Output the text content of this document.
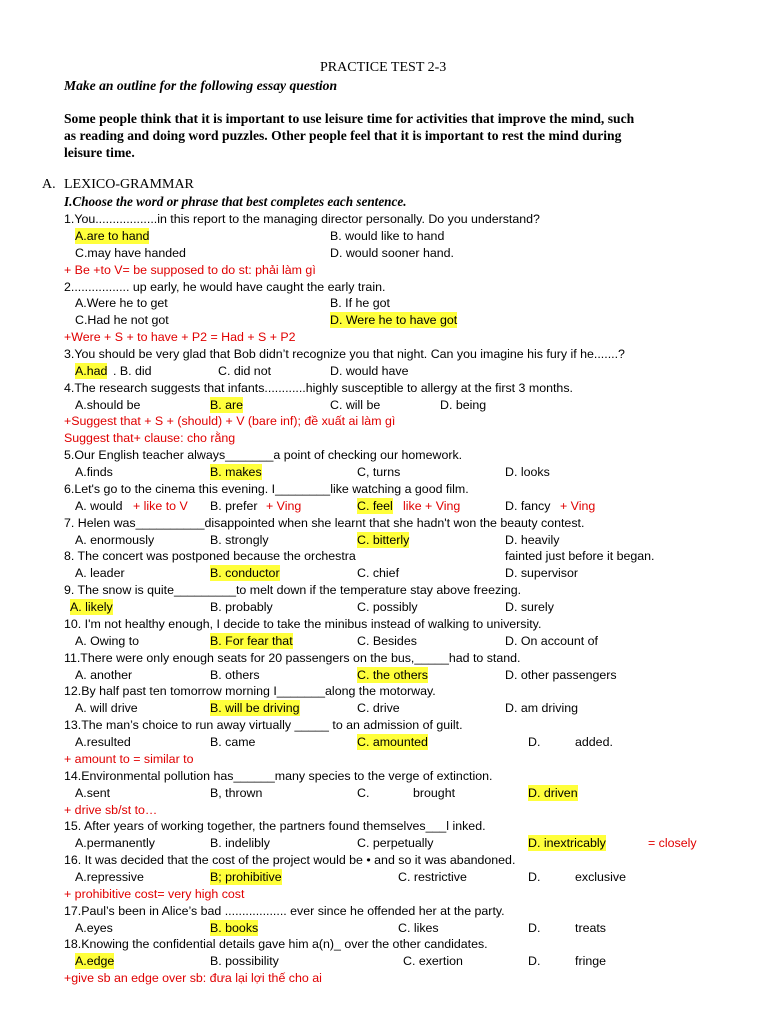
PRACTICE TEST 2-3
Make an outline for the following essay question
Some people think that it is important to use leisure time for activities that improve the mind, such
as reading and doing word puzzles. Other people feel that it is important to rest the mind during
leisure time.
A. LEXICO-GRAMMAR
I.Choose the word or phrase that best completes each sentence.
1.You..................in this report to the managing director personally. Do you understand?
A.are to hand	B. would like to hand
C.may have handed	D. would sooner hand.
+ Be +to V= be supposed to do st: phải làm gì
2................. up early, he would have caught the early train.
A.Were he to get	B. If he got
C.Had he not got	D. Were he to have got
+Were + S + to have + P2 = Had + S + P2
3.You should be very glad that Bob didn’t recognize you that night. Can you imagine his fury if he.......?
A.had . B. did	C. did not	D. would have
4.The research suggests that infants............highly susceptible to allergy at the first 3 months.
A.should be	B. are	C. will be	D. being
+Suggest that + S + (should) + V (bare inf); đề xuất ai làm gì
Suggest that+ clause: cho rằng
5.Our English teacher always_______a point of checking our homework.
A.finds	B. makes	C, turns	D. looks
6.Let's go to the cinema this evening. I________like watching a good film.
A. would + like to V B. prefer + Ving	C. feel like + Ving	D. fancy + Ving
7. Helen was__________disappointed when she learnt that she hadn't won the beauty contest.
A. enormously	B. strongly	C. bitterly	D. heavily
8. The concert was postponed because the orchestra	fainted just before it began.
A. leader	B. conductor	C. chief	D. supervisor
9. The snow is quite_________to melt down if the temperature stay above freezing.
A. likely	B. probably	C. possibly	D. surely
10. I'm not healthy enough, I decide to take the minibus instead of walking to university.
A. Owing to	B. For fear that	C. Besides	D. On account of
11.There were only enough seats for 20 passengers on the bus,_____had to stand.
A. another	B. others	C. the others	D. other passengers
12.By half past ten tomorrow morning I_______along the motorway.
A. will drive	B. will be driving	C. drive	D. am driving
13.The man’s choice to run away virtually _____ to an admission of guilt.
A.resulted	B. came	C. amounted	D.	added.
+ amount to = similar to
14.Environmental pollution has______many species to the verge of extinction.
A.sent	B, thrown	C.	brought	D. driven
+ drive sb/st to…
15. After years of working together, the partners found themselves___l inked.
A.permanently	B. indelibly	C. perpetually	D. inextricably	= closely
16. It was decided that the cost of the project would be • and so it was abandoned.
A.repressive	B; prohibitive	C. restrictive	D.	exclusive
+ prohibitive cost= very high cost
17.Paul’s been in Alice’s bad .................. ever since he offended her at the party.
A.eyes	B. books	C. likes	D.	treats
18.Knowing the confidential details gave him a(n)_ over the other candidates.
A.edge	B. possibility	C. exertion	D.	fringe
+give sb an edge over sb: đưa lại lợi thế cho ai
